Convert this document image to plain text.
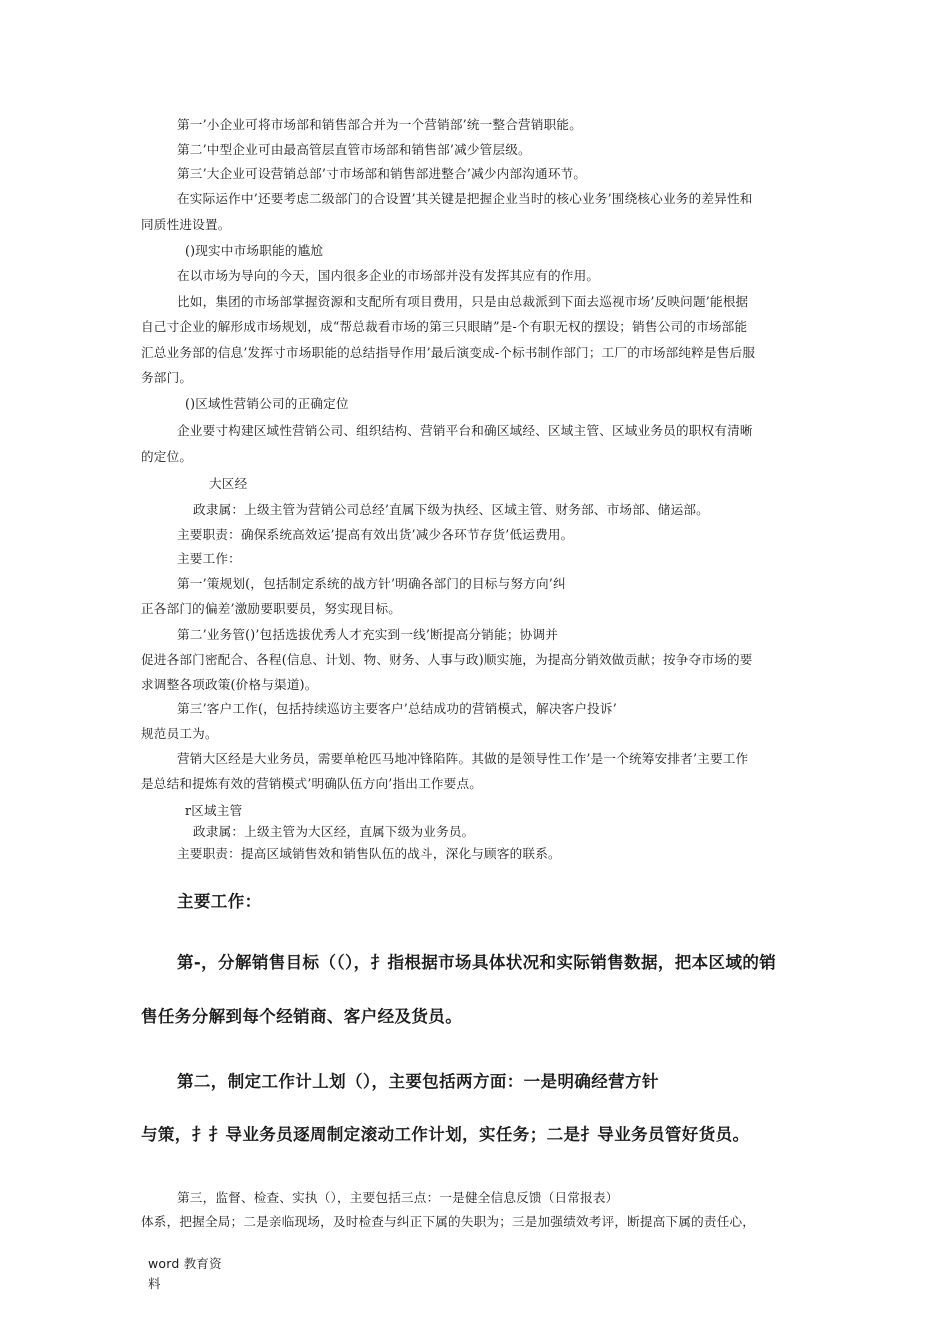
第一’小企业可将市场部和销售部合并为一个营销部’统一整合营销职能。

第二’中型企业可由最高管层直管市场部和销售部’减少管层级。

第三’大企业可设营销总部’寸市场部和销售部进整合’减少内部沟通环节。

在实际运作中’还要考虑二级部门的合设置’其关键是把握企业当时的核心业务’围绕核心业务的差异性和

同质性进设置。

()现实中市场职能的尴尬

在以市场为导向的今天，国内很多企业的市场部并没有发挥其应有的作用。

比如，集团的市场部掌握资源和支配所有项目费用，只是由总裁派到下面去巡视市场’反映问题’能根据

自己寸企业的解形成市场规划，成“帮总裁看市场的第三只眼睛”是-个有职无权的摆设；销售公司的市场部能

汇总业务部的信息’发挥寸市场职能的总结指导作用’最后演变成-个标书制作部门；工厂的市场部纯粹是售后服

务部门。

()区域性营销公司的正确定位

企业要寸构建区域性营销公司、组织结构、营销平台和确区域经、区域主管、区域业务员的职权有清晰

的定位。

大区经

政隶属：上级主管为营销公司总经’直属下级为执经、区域主管、财务部、市场部、储运部。

主要职责：确保系统高效运’提高有效出货’减少各环节存货’低运费用。

主要工作：

第一’策规划(，包括制定系统的战方针’明确各部门的目标与努方向’纠

正各部门的偏差’激励要职要员，努实现目标。

第二’业务管()’包括选拔优秀人才充实到一线’断提高分销能；协调并

促进各部门密配合、各程(信息、计划、物、财务、人事与政)顺实施，为提高分销效做贡献；按争夺市场的要

求调整各项政策(价格与渠道)。

第三’客户工作(，包括持续巡访主要客户’总结成功的营销模式，解决客户投诉’

规范员工为。

营销大区经是大业务员，需要单枪匹马地冲锋陷阵。其做的是领导性工作’是一个统筹安排者’主要工作

是总结和提炼有效的营销模式’明确队伍方向’指出工作要点。

r区域主管

政隶属：上级主管为大区经，直属下级为业务员。

主要职责：提高区域销售效和销售队伍的战斗，深化与顾客的联系。

主要工作：

第-，分解销售目标（（），扌指根据市场具体状况和实际销售数据，把本区域的销

售任务分解到每个经销商、客户经及货员。

第二，制定工作计丄划（），主要包括两方面：一是明确经营方针

与策，扌扌导业务员逐周制定滚动工作计划，实任务；二是扌导业务员管好货员。

第三，监督、检查、实执（），主要包括三点：一是健全信息反馈（日常报表）

体系，把握全局；二是亲临现场，及时检查与纠正下属的失职为；三是加强绩效考评，断提高下属的责任心，

word 教育资

料
